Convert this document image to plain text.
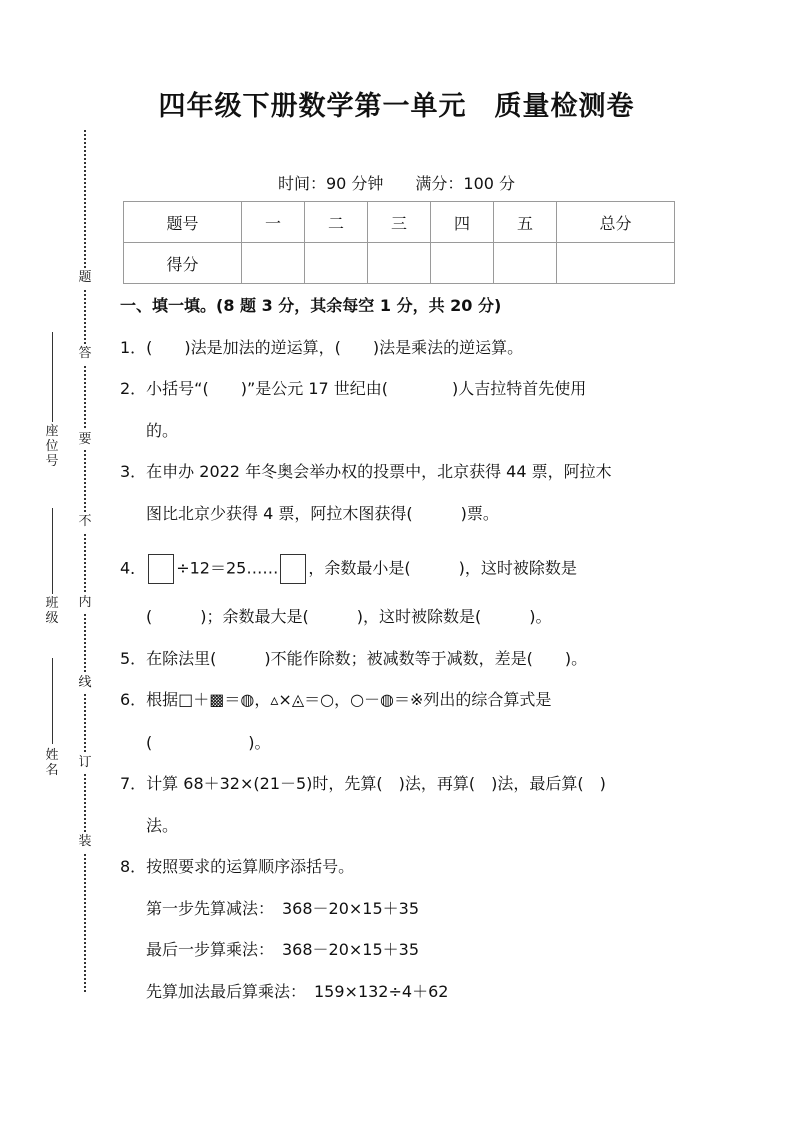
题
答
要
不
内
线
订
装
座位号
班级
姓名
四年级下册数学第一单元　质量检测卷
时间：90 分钟　　满分：100 分
题号	一	二	三	四	五	总分
得分						
一、填一填。(8 题 3 分，其余每空 1 分，共 20 分)
1．(　　)法是加法的逆运算，(　　)法是乘法的逆运算。
2．小括号“(　　)”是公元 17 世纪由(　　　　)人吉拉特首先使用
的。
3．在申办 2022 年冬奥会举办权的投票中，北京获得 44 票，阿拉木
图比北京少获得 4 票，阿拉木图获得(　　　)票。
4． ÷12＝25…… ，余数最小是(　　　)，这时被除数是
(　　　)；余数最大是(　　　)，这时被除数是(　　　)。
5．在除法里(　　　)不能作除数；被减数等于减数，差是(　　)。
6．根据□＋▩＝◍，▵×◬＝○，○－◍＝※列出的综合算式是
(　　　　　　)。
7．计算 68＋32×(21－5)时，先算(　)法，再算(　)法，最后算(　)
法。
8．按照要求的运算顺序添括号。
第一步先算减法：　368－20×15＋35
最后一步算乘法：　368－20×15＋35
先算加法最后算乘法：　159×132÷4＋62
